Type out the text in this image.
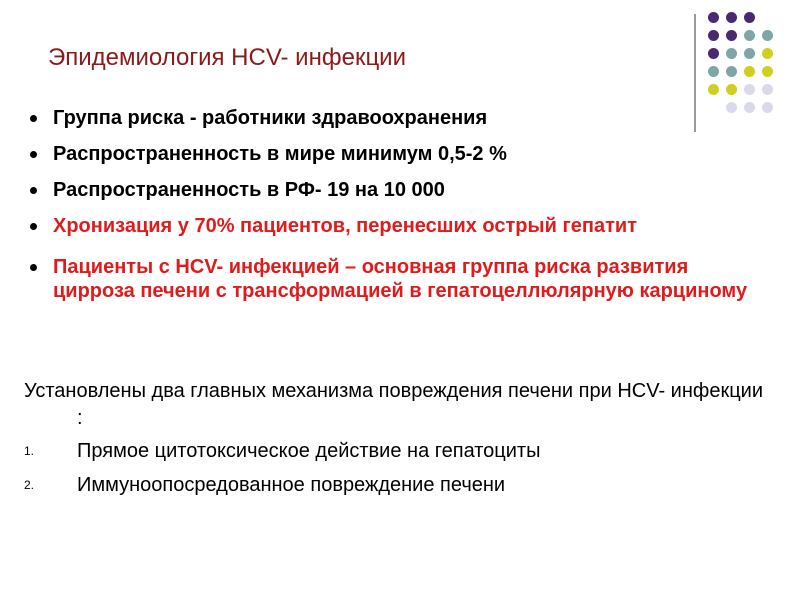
Эпидемиология HCV- инфекции
Группа риска - работники здравоохранения
Распространенность в мире минимум 0,5-2 %
Распространенность в РФ- 19 на 10 000
Хронизация у 70% пациентов, перенесших острый гепатит
Пациенты с HCV- инфекцией – основная группа риска развития цирроза печени с трансформацией в гепатоцеллюлярную карциному
Установлены два главных механизма повреждения печени при HCV- инфекции :
1. Прямое цитотоксическое действие на гепатоциты
2. Иммуноопосредованное повреждение печени
